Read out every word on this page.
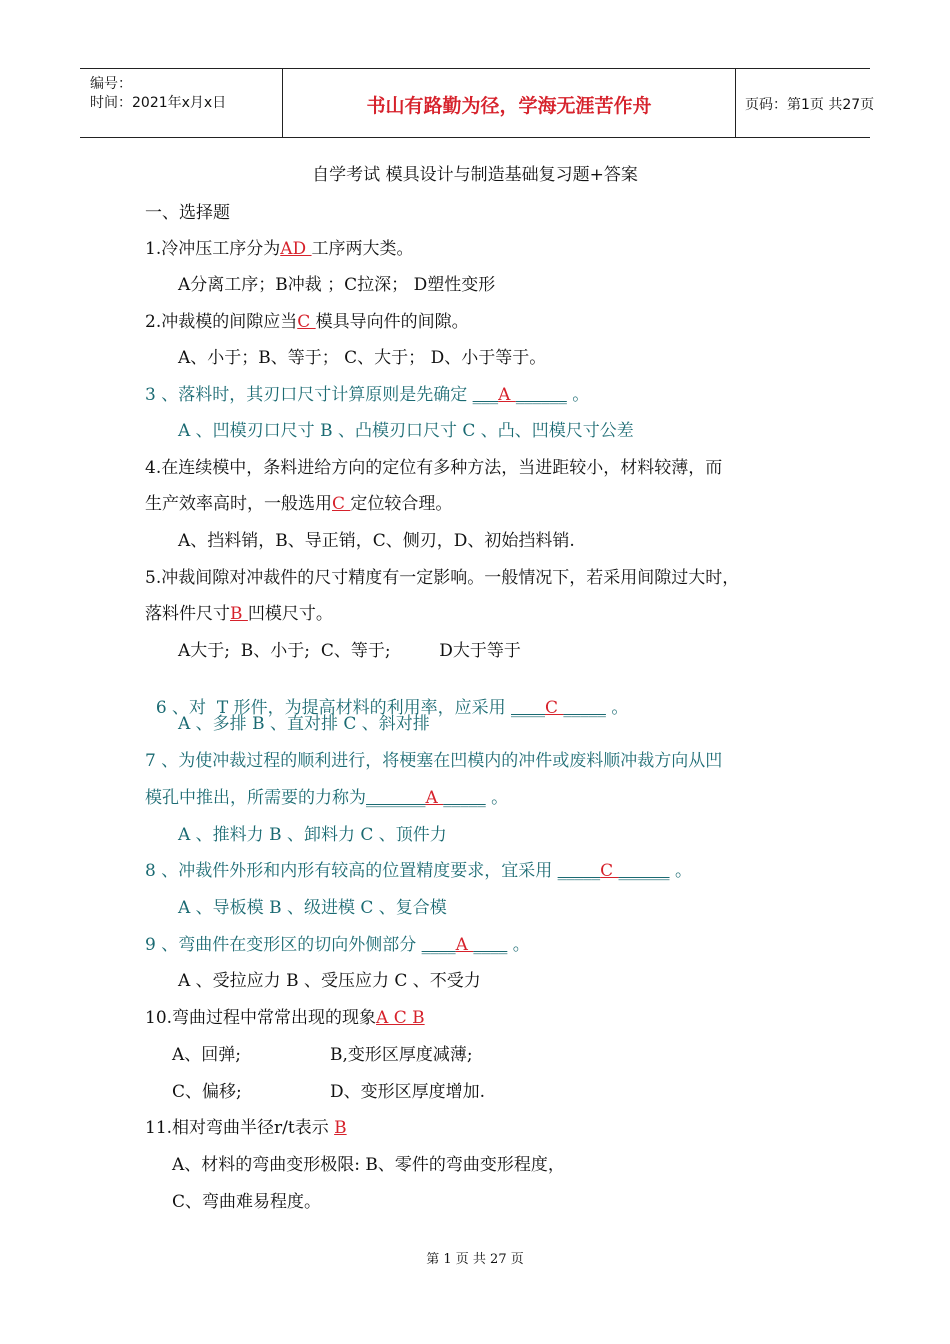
编号：
时间：2021年x月x日	书山有路勤为径，学海无涯苦作舟	页码：第1页 共27页
自学考试 模具设计与制造基础复习题+答案
一、选择题
1.冷冲压工序分为AD 工序两大类。
A分离工序；B冲裁 ；C拉深； D塑性变形
2.冲裁模的间隙应当C 模具导向件的间隙。
A、小于；B、等于； C、大于； D、小于等于。
3 、落料时，其刃口尺寸计算原则是先确定 ___A ______ 。
A 、凹模刃口尺寸 B 、凸模刃口尺寸 C 、凸、凹模尺寸公差
4.在连续模中，条料进给方向的定位有多种方法，当进距较小，材料较薄，而
生产效率高时，一般选用C 定位较合理。
A、挡料销，B、导正销，C、侧刃，D、初始挡料销.
5.冲裁间隙对冲裁件的尺寸精度有一定影响。一般情况下，若采用间隙过大时，
落料件尺寸B 凹模尺寸。
A大于;  B、小于;  C、等于;         D大于等于

6 、对  T 形件，为提高材料的利用率，应采用 ____C _____ 。

A 、多排 B 、直对排 C 、斜对排
7 、为使冲裁过程的顺利进行，将梗塞在凹模内的冲件或废料顺冲裁方向从凹
模孔中推出，所需要的力称为_______A _____ 。
A 、推料力 B 、卸料力 C 、顶件力
8 、冲裁件外形和内形有较高的位置精度要求，宜采用 _____C ______ 。
A 、导板模 B 、级进模 C 、复合模
9 、弯曲件在变形区的切向外侧部分 ____A ____ 。
A 、受拉应力 B 、受压应力 C 、不受力
10.弯曲过程中常常出现的现象A C B
A、回弹;	B,变形区厚度减薄;
C、偏移;	D、变形区厚度增加.
11.相对弯曲半径r/t表示 B
A、材料的弯曲变形极限: B、零件的弯曲变形程度，
C、弯曲难易程度。
第 1 页 共 27 页
